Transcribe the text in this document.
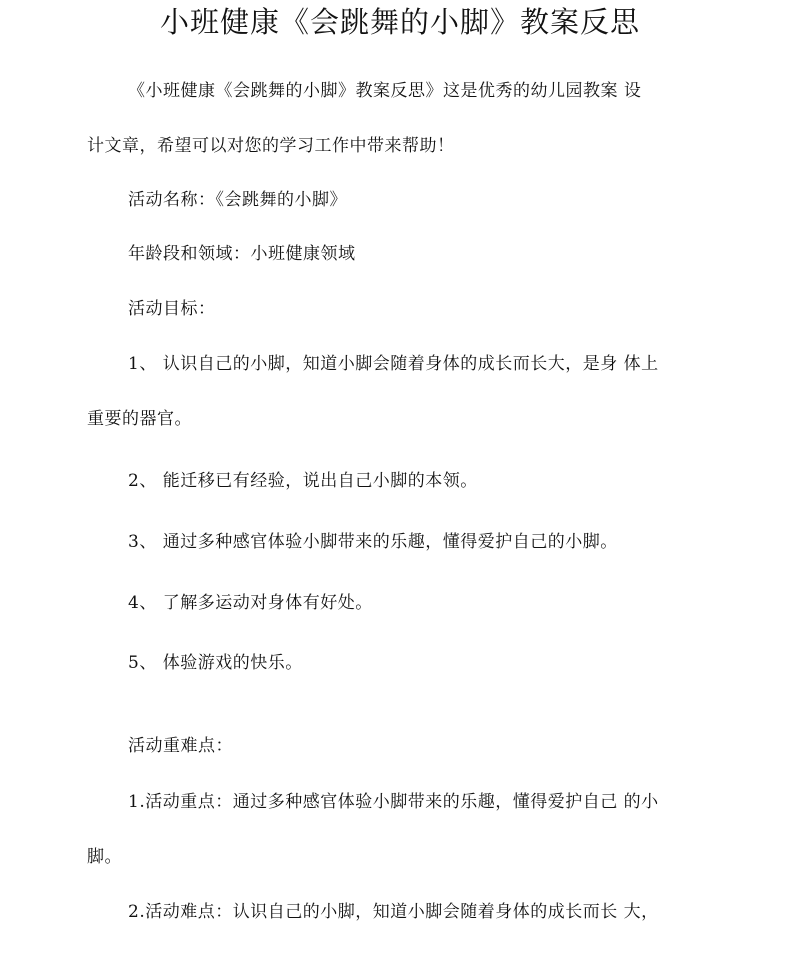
小班健康《会跳舞的小脚》教案反思
《小班健康《会跳舞的小脚》教案反思》这是优秀的幼儿园教案 设
计文章，希望可以对您的学习工作中带来帮助！
活动名称：《会跳舞的小脚》
年龄段和领域：小班健康领域
活动目标：
1、 认识自己的小脚，知道小脚会随着身体的成长而长大，是身 体上
重要的器官。
2、 能迁移已有经验，说出自己小脚的本领。
3、 通过多种感官体验小脚带来的乐趣，懂得爱护自己的小脚。
4、 了解多运动对身体有好处。
5、 体验游戏的快乐。
活动重难点：
1.活动重点：通过多种感官体验小脚带来的乐趣，懂得爱护自己 的小
脚。
2.活动难点：认识自己的小脚，知道小脚会随着身体的成长而长 大，
